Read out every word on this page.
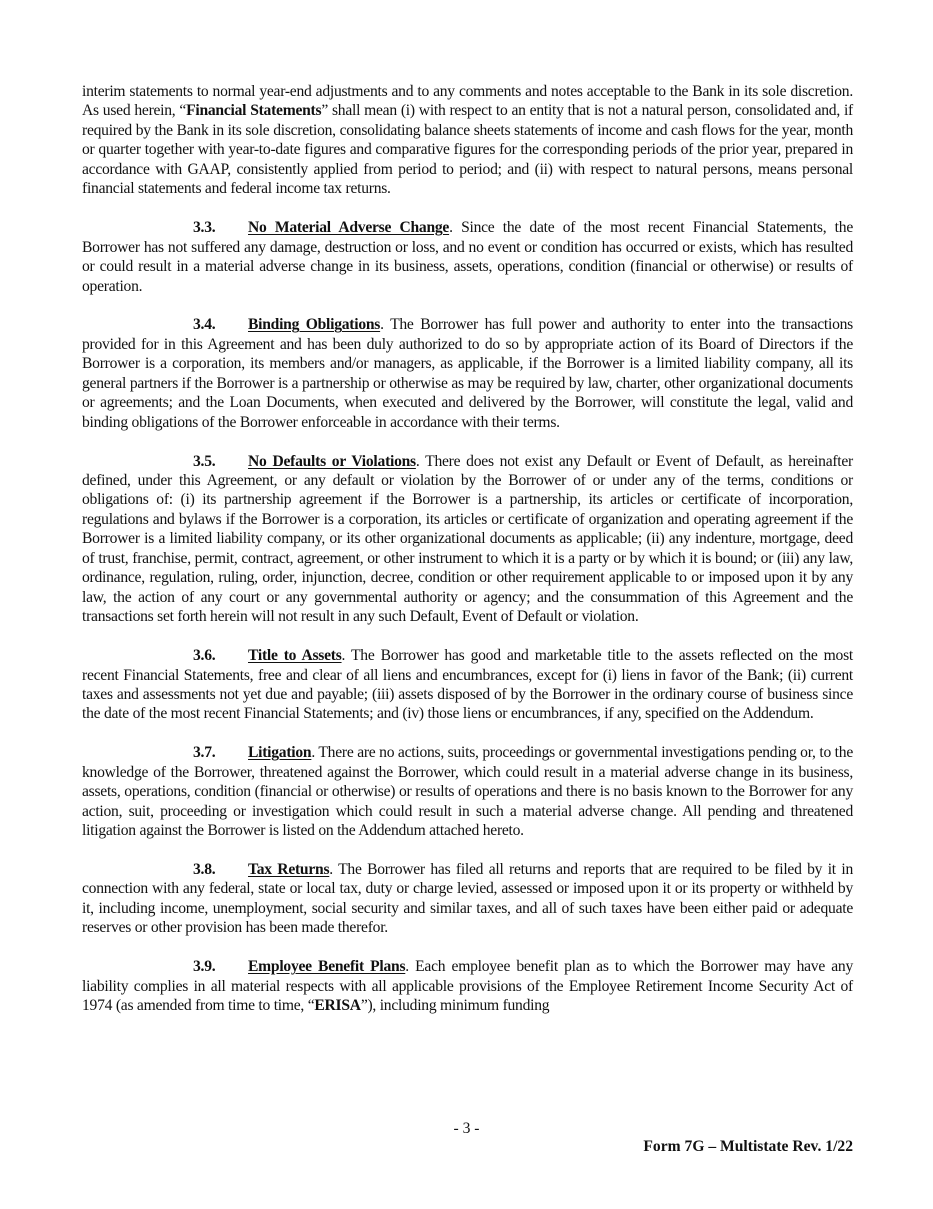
interim statements to normal year-end adjustments and to any comments and notes acceptable to the Bank in its sole discretion. As used herein, “Financial Statements” shall mean (i) with respect to an entity that is not a natural person, consolidated and, if required by the Bank in its sole discretion, consolidating balance sheets statements of income and cash flows for the year, month or quarter together with year-to-date figures and comparative figures for the corresponding periods of the prior year, prepared in accordance with GAAP, consistently applied from period to period; and (ii) with respect to natural persons, means personal financial statements and federal income tax returns.

3.3. No Material Adverse Change. Since the date of the most recent Financial Statements, the Borrower has not suffered any damage, destruction or loss, and no event or condition has occurred or exists, which has resulted or could result in a material adverse change in its business, assets, operations, condition (financial or otherwise) or results of operation.

3.4. Binding Obligations. The Borrower has full power and authority to enter into the transactions provided for in this Agreement and has been duly authorized to do so by appropriate action of its Board of Directors if the Borrower is a corporation, its members and/or managers, as applicable, if the Borrower is a limited liability company, all its general partners if the Borrower is a partnership or otherwise as may be required by law, charter, other organizational documents or agreements; and the Loan Documents, when executed and delivered by the Borrower, will constitute the legal, valid and binding obligations of the Borrower enforceable in accordance with their terms.

3.5. No Defaults or Violations. There does not exist any Default or Event of Default, as hereinafter defined, under this Agreement, or any default or violation by the Borrower of or under any of the terms, conditions or obligations of: (i) its partnership agreement if the Borrower is a partnership, its articles or certificate of incorporation, regulations and bylaws if the Borrower is a corporation, its articles or certificate of organization and operating agreement if the Borrower is a limited liability company, or its other organizational documents as applicable; (ii) any indenture, mortgage, deed of trust, franchise, permit, contract, agreement, or other instrument to which it is a party or by which it is bound; or (iii) any law, ordinance, regulation, ruling, order, injunction, decree, condition or other requirement applicable to or imposed upon it by any law, the action of any court or any governmental authority or agency; and the consummation of this Agreement and the transactions set forth herein will not result in any such Default, Event of Default or violation.

3.6. Title to Assets. The Borrower has good and marketable title to the assets reflected on the most recent Financial Statements, free and clear of all liens and encumbrances, except for (i) liens in favor of the Bank; (ii) current taxes and assessments not yet due and payable; (iii) assets disposed of by the Borrower in the ordinary course of business since the date of the most recent Financial Statements; and (iv) those liens or encumbrances, if any, specified on the Addendum.

3.7. Litigation. There are no actions, suits, proceedings or governmental investigations pending or, to the knowledge of the Borrower, threatened against the Borrower, which could result in a material adverse change in its business, assets, operations, condition (financial or otherwise) or results of operations and there is no basis known to the Borrower for any action, suit, proceeding or investigation which could result in such a material adverse change. All pending and threatened litigation against the Borrower is listed on the Addendum attached hereto.

3.8. Tax Returns. The Borrower has filed all returns and reports that are required to be filed by it in connection with any federal, state or local tax, duty or charge levied, assessed or imposed upon it or its property or withheld by it, including income, unemployment, social security and similar taxes, and all of such taxes have been either paid or adequate reserves or other provision has been made therefor.

3.9. Employee Benefit Plans. Each employee benefit plan as to which the Borrower may have any liability complies in all material respects with all applicable provisions of the Employee Retirement Income Security Act of 1974 (as amended from time to time, “ERISA”), including minimum funding

- 3 -
Form 7G – Multistate Rev. 1/22
